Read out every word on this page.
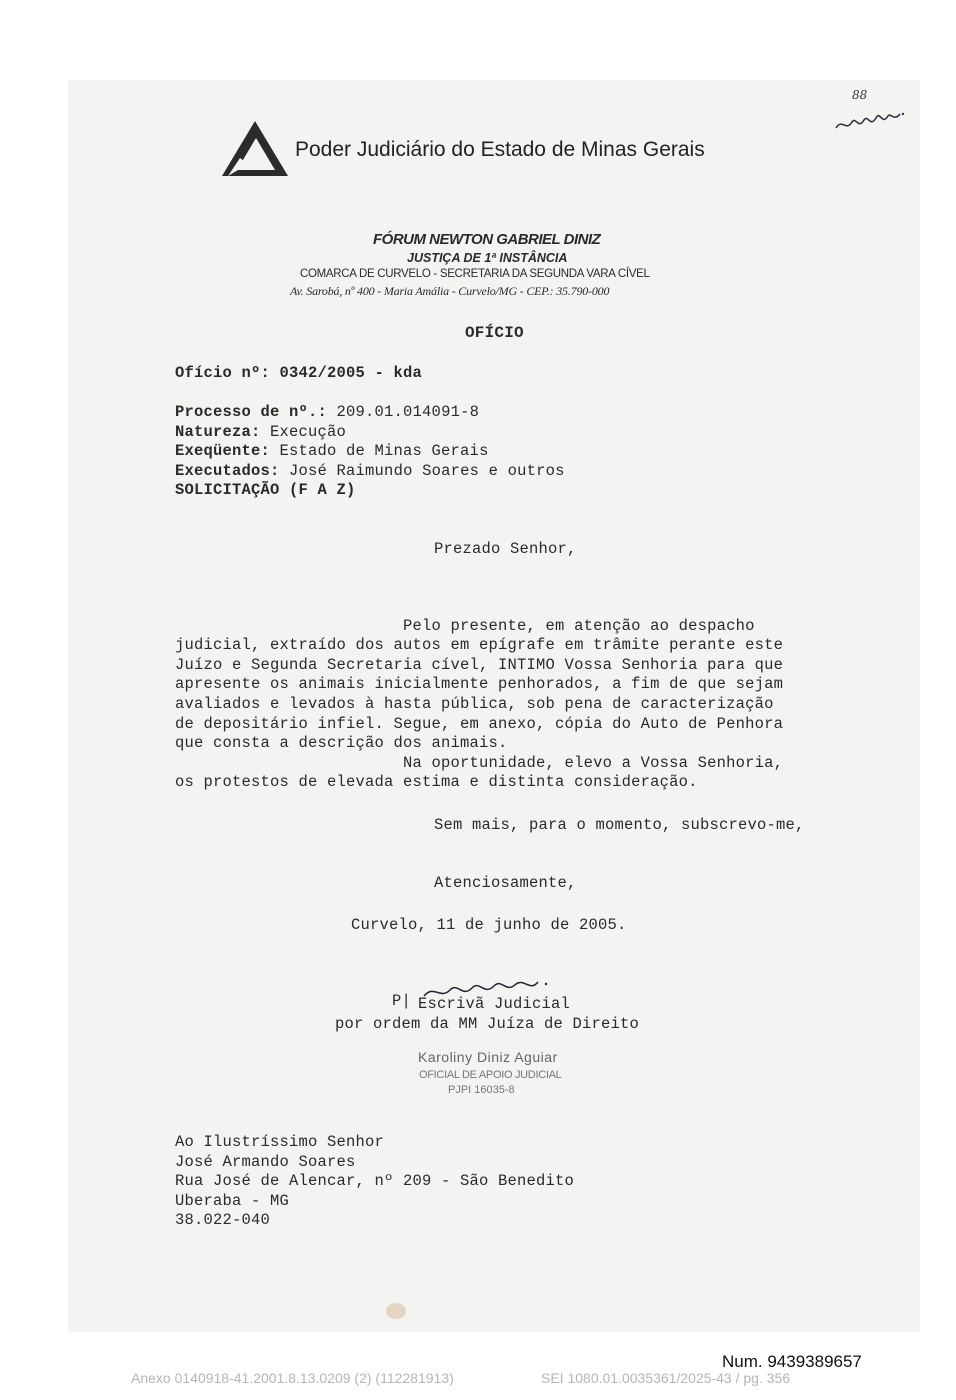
Poder Judiciário do Estado de Minas Gerais
88
FÓRUM NEWTON GABRIEL DINIZ
JUSTIÇA DE 1ª INSTÂNCIA
COMARCA DE CURVELO - SECRETARIA DA SEGUNDA VARA CÍVEL
Av. Sarobá, nº 400 - Maria Amália - Curvelo/MG - CEP.: 35.790-000
OFÍCIO
Ofício nº: 0342/2005 - kda
Processo de nº.: 209.01.014091-8
Natureza: Execução
Exeqüente: Estado de Minas Gerais
Executados: José Raimundo Soares e outros
SOLICITAÇÃO (F A Z)
Prezado Senhor,

Pelo presente, em atenção ao despacho
judicial, extraído dos autos em epígrafe em trâmite perante este
Juízo e Segunda Secretaria cível, INTIMO Vossa Senhoria para que
apresente os animais inicialmente penhorados, a fim de que sejam
avaliados e levados à hasta pública, sob pena de caracterização
de depositário infiel. Segue, em anexo, cópia do Auto de Penhora
que consta a descrição dos animais.
Na oportunidade, elevo a Vossa Senhoria,
os protestos de elevada estima e distinta consideração.

Sem mais, para o momento, subscrevo-me,
Atenciosamente,
Curvelo, 11 de junho de 2005.
P| Escrivã Judicial
por ordem da MM Juíza de Direito
Karoliny Diniz Aguiar
OFICIAL DE APOIO JUDICIAL
PJPI 16035-8
Ao Ilustríssimo Senhor
José Armando Soares
Rua José de Alencar, nº 209 - São Benedito
Uberaba - MG
38.022-040
Num. 9439389657
Anexo 0140918-41.2001.8.13.0209 (2) (112281913)	SEI 1080.01.0035361/2025-43 / pg. 356
